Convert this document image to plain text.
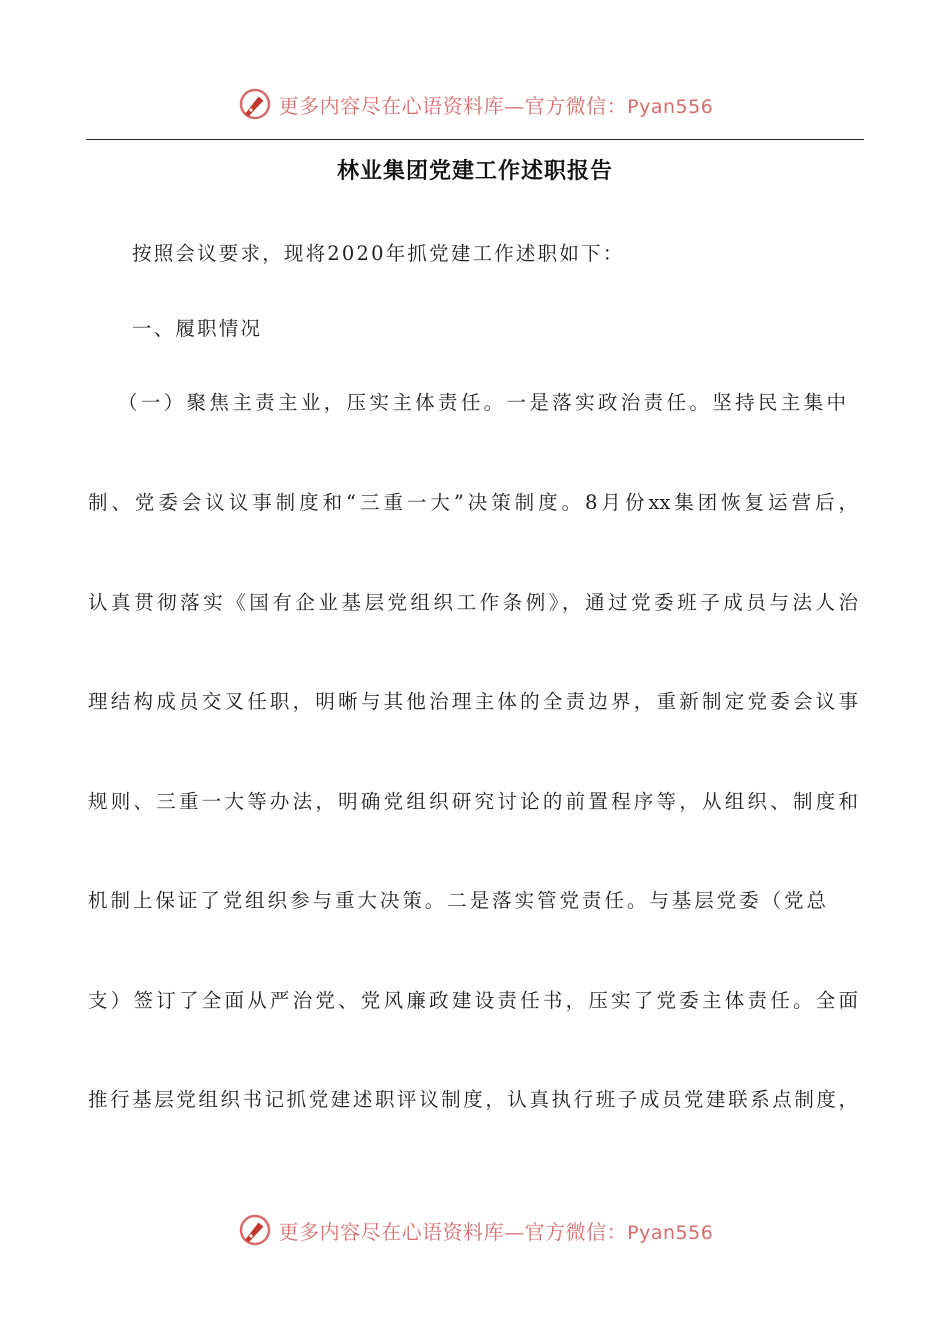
更多内容尽在心语资料库—官方微信：Pyan556
林业集团党建工作述职报告
按照会议要求，现将2020年抓党建工作述职如下：
一、履职情况
（一）聚焦主责主业，压实主体责任。一是落实政治责任。坚持民主集中
制、党委会议议事制度和“三重一大”决策制度。8月份xx集团恢复运营后，
认真贯彻落实《国有企业基层党组织工作条例》，通过党委班子成员与法人治
理结构成员交叉任职，明晰与其他治理主体的全责边界，重新制定党委会议事
规则、三重一大等办法，明确党组织研究讨论的前置程序等，从组织、制度和
机制上保证了党组织参与重大决策。二是落实管党责任。与基层党委（党总
支）签订了全面从严治党、党风廉政建设责任书，压实了党委主体责任。全面
推行基层党组织书记抓党建述职评议制度，认真执行班子成员党建联系点制度，
更多内容尽在心语资料库—官方微信：Pyan556
